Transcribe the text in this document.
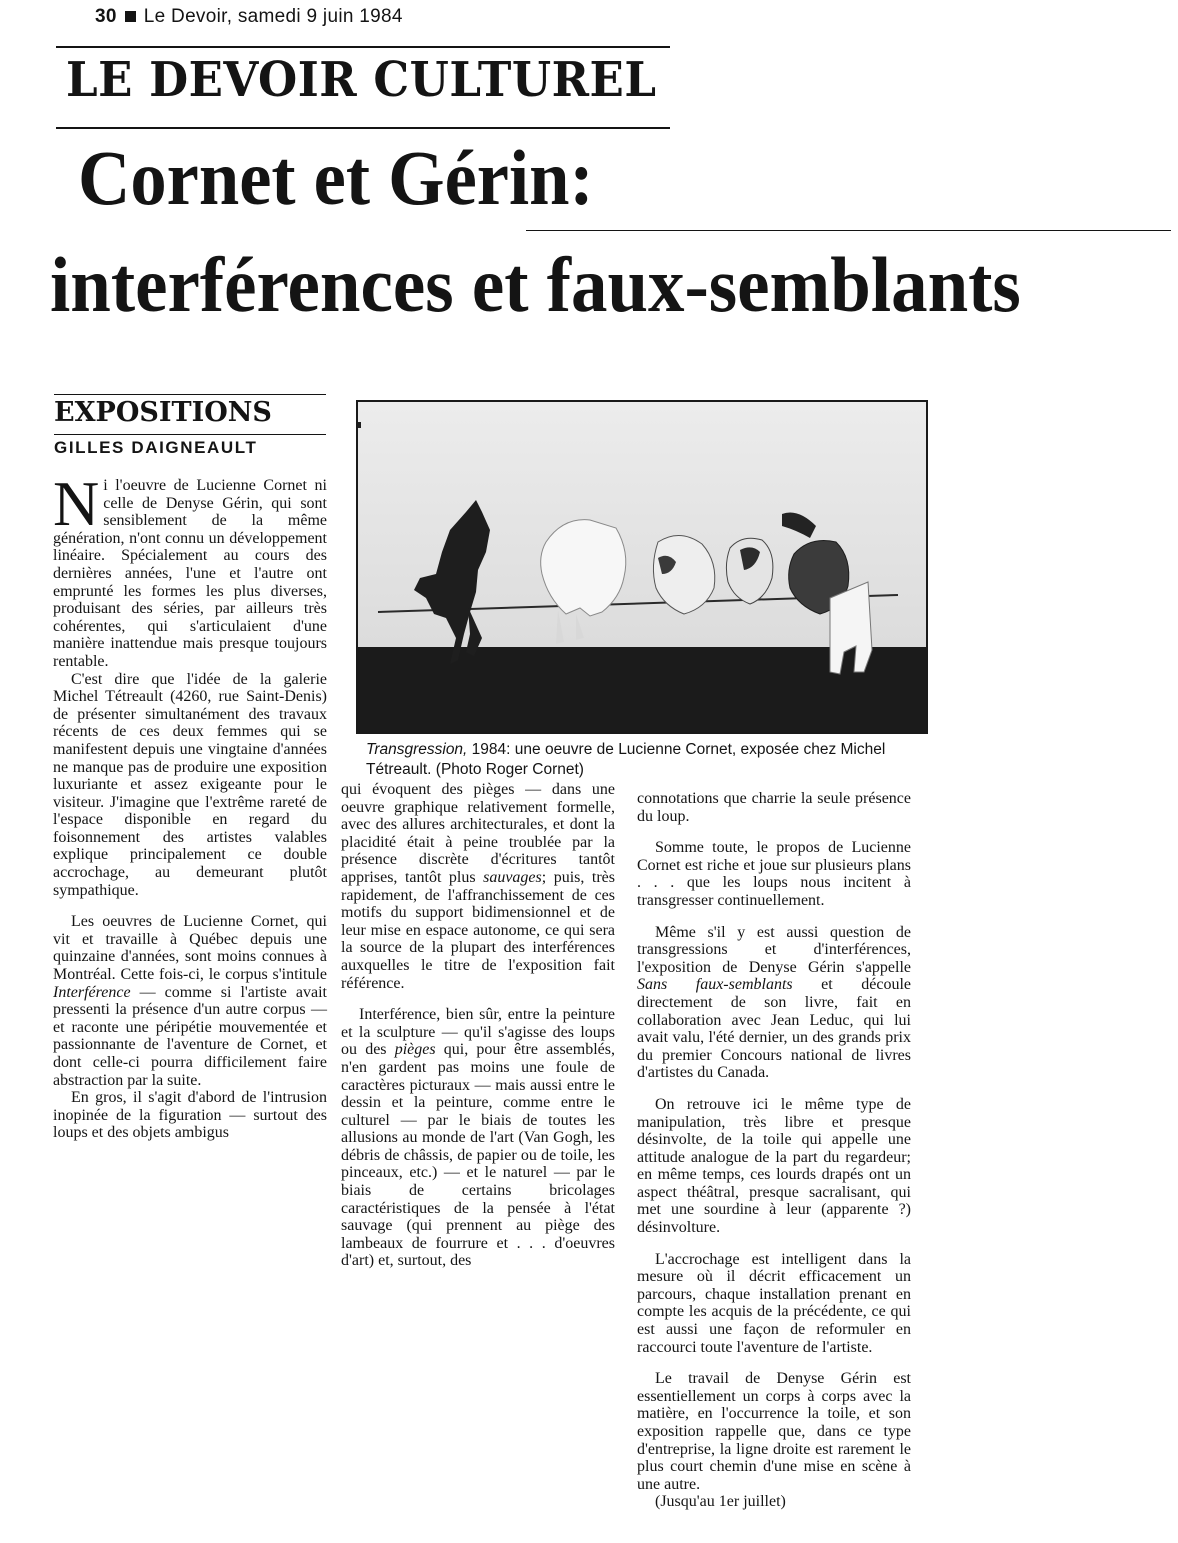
30 Le Devoir, samedi 9 juin 1984
LE DEVOIR CULTUREL
Cornet et Gérin:
interférences et faux-semblants
EXPOSITIONS
GILLES DAIGNEAULT
Transgression, 1984: une oeuvre de Lucienne Cornet, exposée chez Michel Tétreault. (Photo Roger Cornet)

Ni l'oeuvre de Lucienne Cornet ni celle de Denyse Gérin, qui sont sensiblement de la même génération, n'ont connu un développement linéaire. Spécialement au cours des dernières années, l'une et l'autre ont emprunté les formes les plus diverses, produisant des séries, par ailleurs très cohérentes, qui s'articulaient d'une manière inattendue mais presque toujours rentable.

C'est dire que l'idée de la galerie Michel Tétreault (4260, rue Saint-Denis) de présenter simultanément des travaux récents de ces deux femmes qui se manifestent depuis une vingtaine d'années ne manque pas de produire une exposition luxuriante et assez exigeante pour le visiteur. J'imagine que l'extrême rareté de l'espace disponible en regard du foisonnement des artistes valables explique principalement ce double accrochage, au demeurant plutôt sympathique.

Les oeuvres de Lucienne Cornet, qui vit et travaille à Québec depuis une quinzaine d'années, sont moins connues à Montréal. Cette fois-ci, le corpus s'intitule Interférence — comme si l'artiste avait pressenti la présence d'un autre corpus — et raconte une péripétie mouvementée et passionnante de l'aventure de Cornet, et dont celle-ci pourra difficilement faire abstraction par la suite.

En gros, il s'agit d'abord de l'intrusion inopinée de la figuration — surtout des loups et des objets ambigus

qui évoquent des pièges — dans une oeuvre graphique relativement formelle, avec des allures architecturales, et dont la placidité était à peine troublée par la présence discrète d'écritures tantôt apprises, tantôt plus sauvages; puis, très rapidement, de l'affranchissement de ces motifs du support bidimensionnel et de leur mise en espace autonome, ce qui sera la source de la plupart des interférences auxquelles le titre de l'exposition fait référence.

Interférence, bien sûr, entre la peinture et la sculpture — qu'il s'agisse des loups ou des pièges qui, pour être assemblés, n'en gardent pas moins une foule de caractères picturaux — mais aussi entre le dessin et la peinture, comme entre le culturel — par le biais de toutes les allusions au monde de l'art (Van Gogh, les débris de châssis, de papier ou de toile, les pinceaux, etc.) — et le naturel — par le biais de certains bricolages caractéristiques de la pensée à l'état sauvage (qui prennent au piège des lambeaux de fourrure et . . . d'oeuvres d'art) et, surtout, des

connotations que charrie la seule présence du loup.

Somme toute, le propos de Lucienne Cornet est riche et joue sur plusieurs plans . . . que les loups nous incitent à transgresser continuellement.

Même s'il y est aussi question de transgressions et d'interférences, l'exposition de Denyse Gérin s'appelle Sans faux-semblants et découle directement de son livre, fait en collaboration avec Jean Leduc, qui lui avait valu, l'été dernier, un des grands prix du premier Concours national de livres d'artistes du Canada.

On retrouve ici le même type de manipulation, très libre et presque désinvolte, de la toile qui appelle une attitude analogue de la part du regardeur; en même temps, ces lourds drapés ont un aspect théâtral, presque sacralisant, qui met une sourdine à leur (apparente ?) désinvolture.

L'accrochage est intelligent dans la mesure où il décrit efficacement un parcours, chaque installation prenant en compte les acquis de la précédente, ce qui est aussi une façon de reformuler en raccourci toute l'aventure de l'artiste.

Le travail de Denyse Gérin est essentiellement un corps à corps avec la matière, en l'occurrence la toile, et son exposition rappelle que, dans ce type d'entreprise, la ligne droite est rarement le plus court chemin d'une mise en scène à une autre.

(Jusqu'au 1er juillet)
